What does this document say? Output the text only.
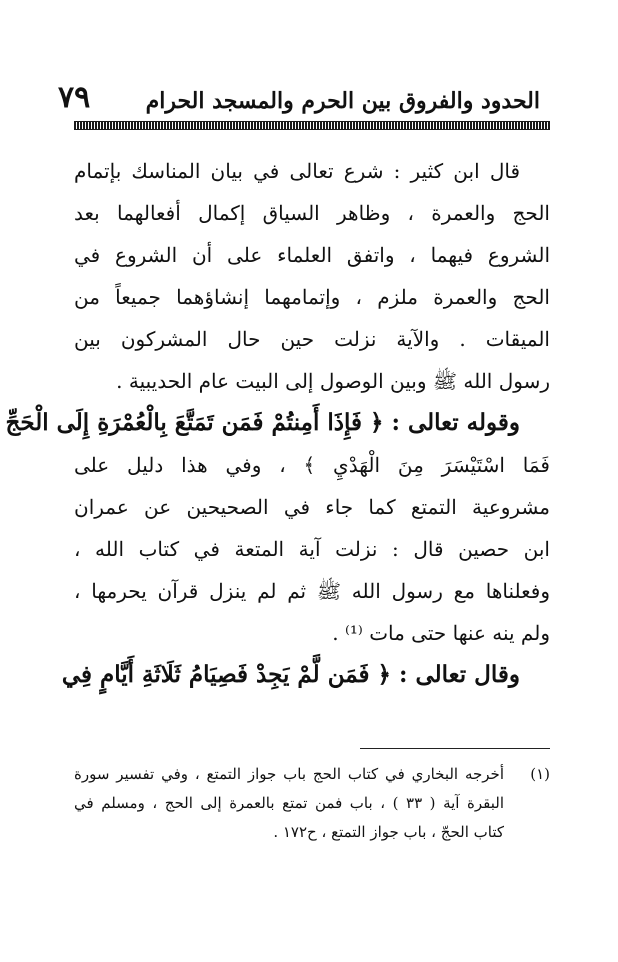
٧٩	الحدود والفروق بين الحرم والمسجد الحرام
قال ابن كثير : شرع تعالى في بيان المناسك بإتمام
الحج والعمرة ، وظاهر السياق إكمال أفعالهما بعد
الشروع فيهما ، واتفق العلماء على أن الشروع في
الحج والعمرة ملزم ، وإتمامهما إنشاؤهما جميعاً من
الميقات . والآية نزلت حين حال المشركون بين
رسول الله ﷺ وبين الوصول إلى البيت عام الحديبية .
وقوله تعالى : ﴿ فَإِذَا أَمِنتُمْ فَمَن تَمَتَّعَ بِالْعُمْرَةِ إِلَى الْحَجِّ
فَمَا اسْتَيْسَرَ مِنَ الْهَدْيِ ﴾ ، وفي هذا دليل على
مشروعية التمتع كما جاء في الصحيحين عن عمران
ابن حصين قال : نزلت آية المتعة في كتاب الله ،
وفعلناها مع رسول الله ﷺ ثم لم ينزل قرآن يحرمها ،
ولم ينه عنها حتى مات ⁽¹⁾ .
وقال تعالى : ﴿ فَمَن لَّمْ يَجِدْ فَصِيَامُ ثَلَاثَةِ أَيَّامٍ فِي
(١)أخرجه البخاري في كتاب الحج باب جواز التمتع ، وفي تفسير سورة
البقرة آية ( ٣٣ ) ، باب فمن تمتع بالعمرة إلى الحج ، ومسلم في
كتاب الحجّ ، باب جواز التمتع ، ح١٧٢ .
